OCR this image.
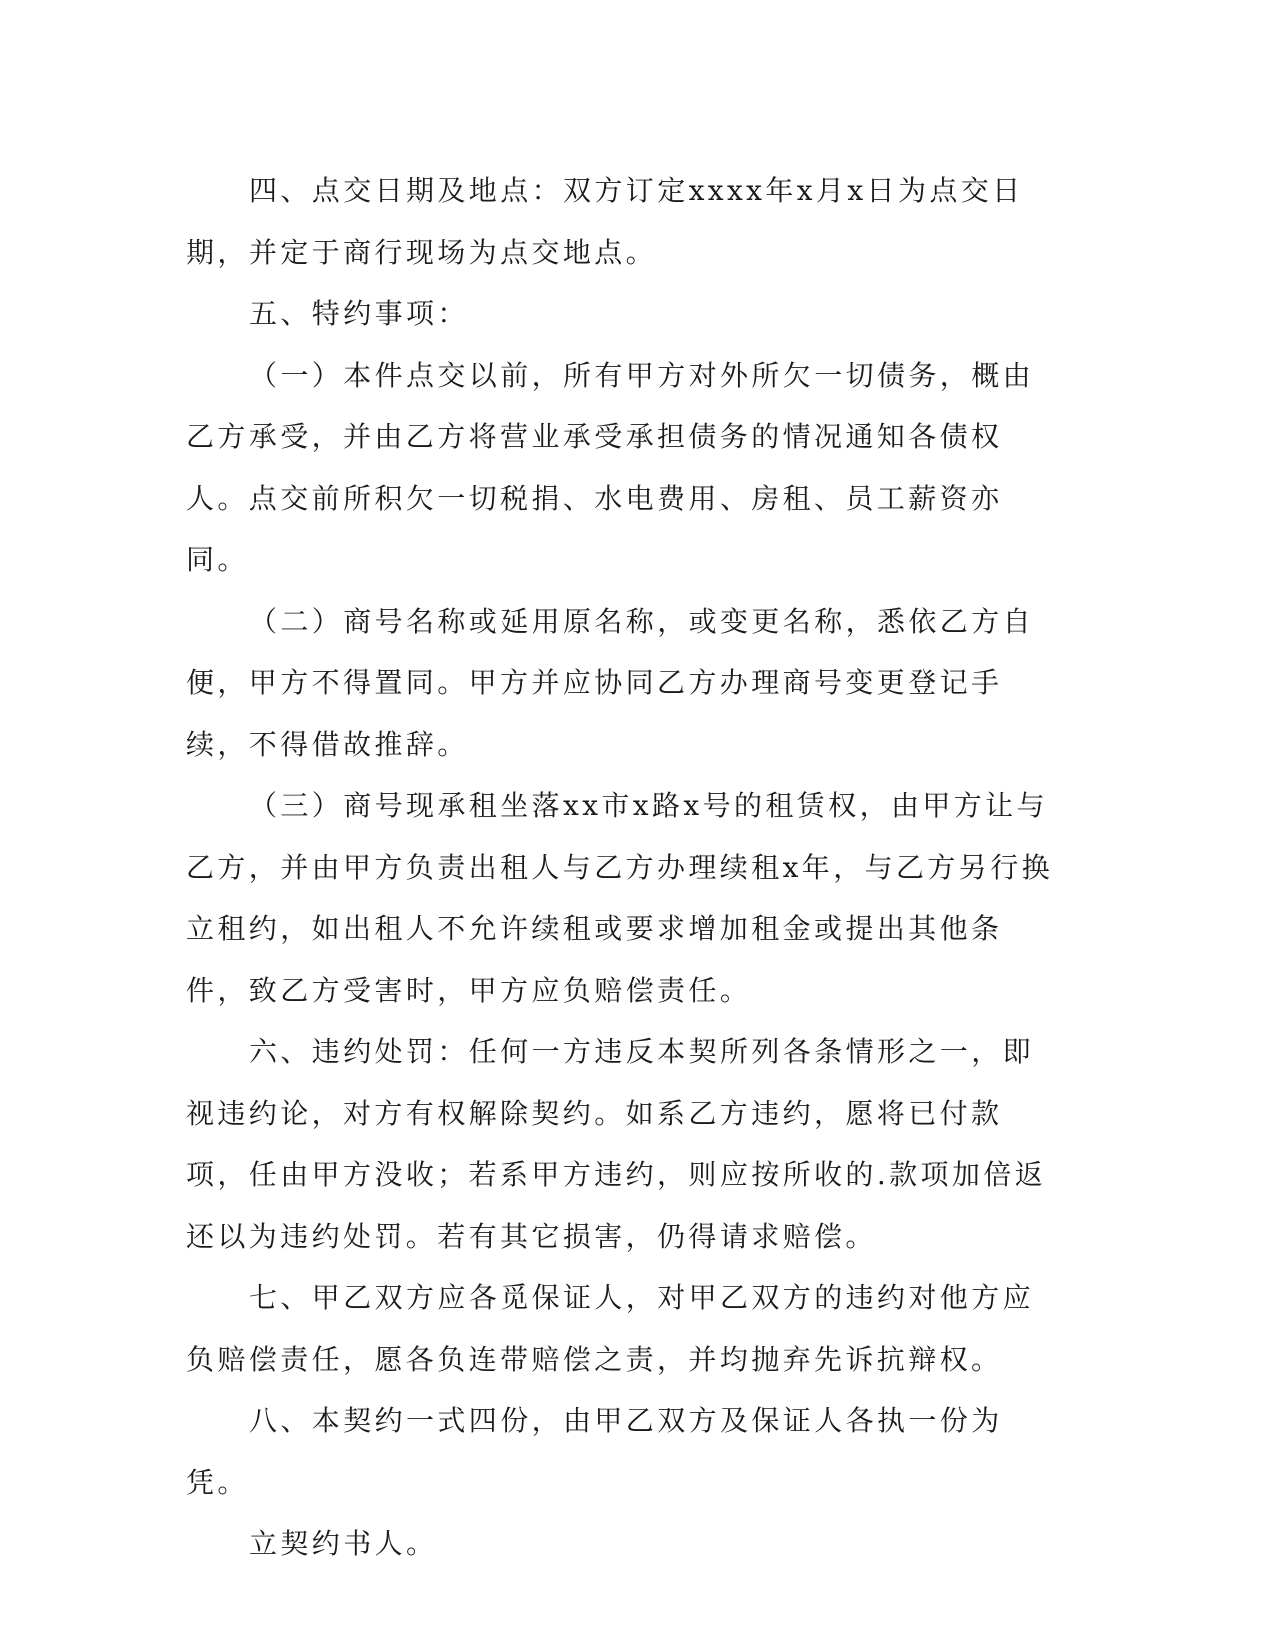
四、点交日期及地点：双方订定xxxx年x月x日为点交日期，并定于商行现场为点交地点。

五、特约事项：

（一）本件点交以前，所有甲方对外所欠一切债务，概由乙方承受，并由乙方将营业承受承担债务的情况通知各债权人。点交前所积欠一切税捐、水电费用、房租、员工薪资亦同。

（二）商号名称或延用原名称，或变更名称，悉依乙方自便，甲方不得置同。甲方并应协同乙方办理商号变更登记手续，不得借故推辞。

（三）商号现承租坐落xx市x路x号的租赁权，由甲方让与乙方，并由甲方负责出租人与乙方办理续租x年，与乙方另行换立租约，如出租人不允许续租或要求增加租金或提出其他条件，致乙方受害时，甲方应负赔偿责任。

六、违约处罚：任何一方违反本契所列各条情形之一，即视违约论，对方有权解除契约。如系乙方违约，愿将已付款项，任由甲方没收；若系甲方违约，则应按所收的.款项加倍返还以为违约处罚。若有其它损害，仍得请求赔偿。

七、甲乙双方应各觅保证人，对甲乙双方的违约对他方应负赔偿责任，愿各负连带赔偿之责，并均抛弃先诉抗辩权。

八、本契约一式四份，由甲乙双方及保证人各执一份为凭。

立契约书人。
